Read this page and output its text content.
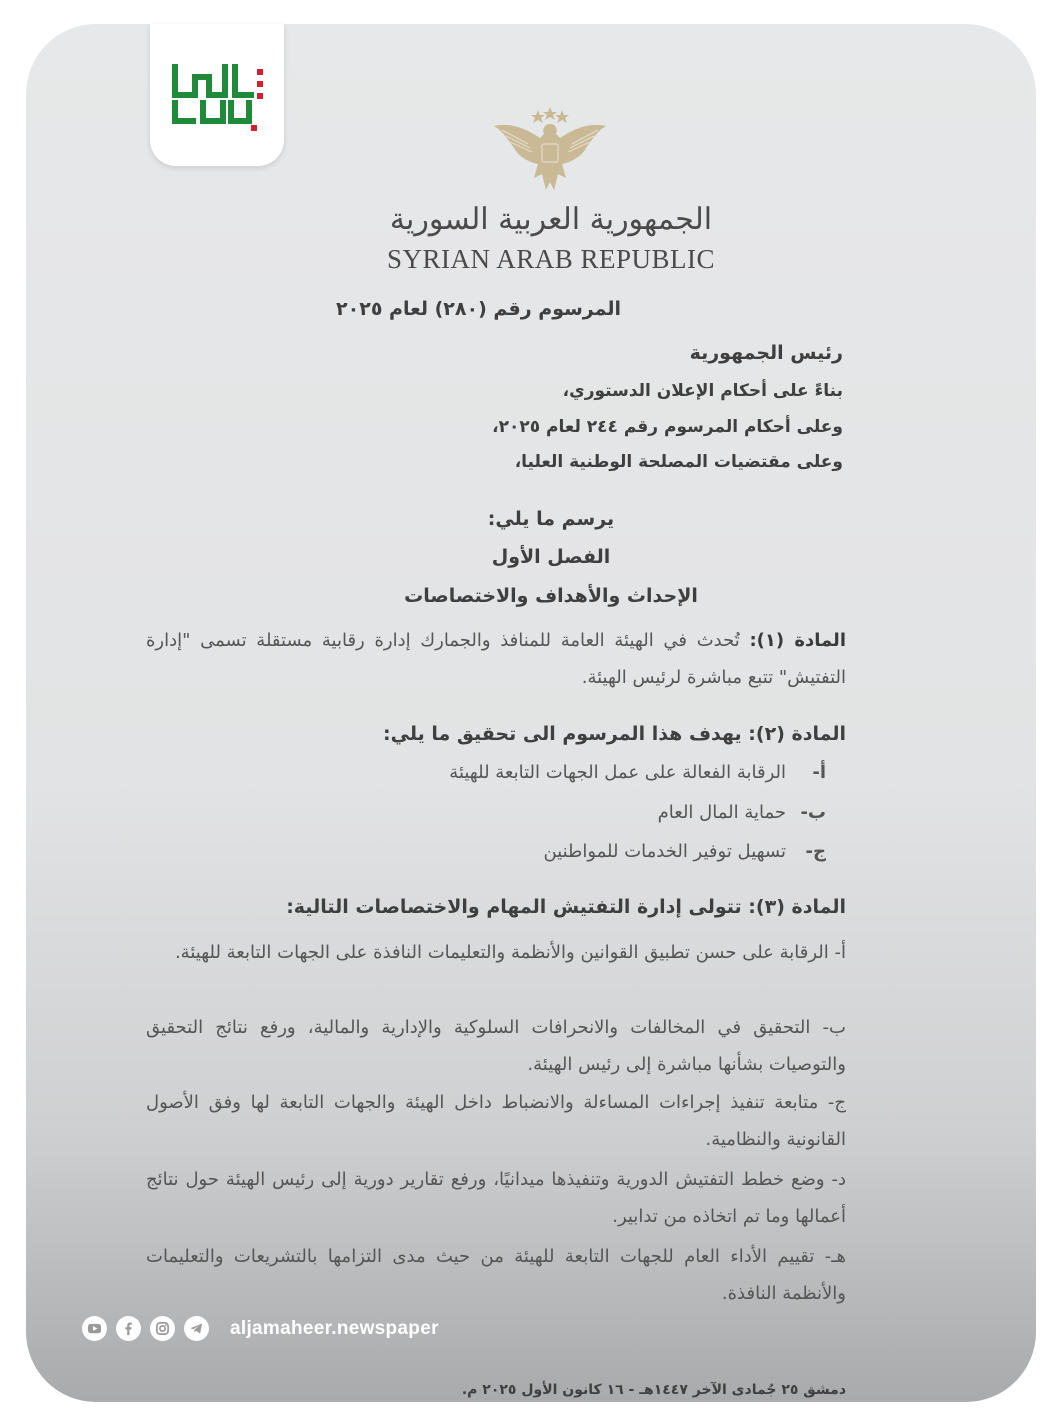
الجمهورية العربية السورية
SYRIAN ARAB REPUBLIC
المرسوم رقم (٢٨٠) لعام ٢٠٢٥
رئيس الجمهورية
بناءً على أحكام الإعلان الدستوري،
وعلى أحكام المرسوم رقم ٢٤٤ لعام ٢٠٢٥،
وعلى مقتضيات المصلحة الوطنية العليا،
يرسم ما يلي:
الفصل الأول
الإحداث والأهداف والاختصاصات
المادة (١): تُحدث في الهيئة العامة للمنافذ والجمارك إدارة رقابية مستقلة تسمى "إدارة التفتيش" تتبع مباشرة لرئيس الهيئة.
المادة (٢): يهدف هذا المرسوم الى تحقيق ما يلي:
أ-الرقابة الفعالة على عمل الجهات التابعة للهيئة
ب-حماية المال العام
ج-تسهيل توفير الخدمات للمواطنين
المادة (٣): تتولى إدارة التفتيش المهام والاختصاصات التالية:
أ- الرقابة على حسن تطبيق القوانين والأنظمة والتعليمات النافذة على الجهات التابعة للهيئة.
ب- التحقيق في المخالفات والانحرافات السلوكية والإدارية والمالية، ورفع نتائج التحقيق والتوصيات بشأنها مباشرة إلى رئيس الهيئة.
ج- متابعة تنفيذ إجراءات المساءلة والانضباط داخل الهيئة والجهات التابعة لها وفق الأصول القانونية والنظامية.
د- وضع خطط التفتيش الدورية وتنفيذها ميدانيًا، ورفع تقارير دورية إلى رئيس الهيئة حول نتائج أعمالها وما تم اتخاذه من تدابير.
هـ- تقييم الأداء العام للجهات التابعة للهيئة من حيث مدى التزامها بالتشريعات والتعليمات والأنظمة النافذة.
دمشق ٢٥ جُمادى الآخر ١٤٤٧هـ - ١٦ كانون الأول ٢٠٢٥ م.
الجماهير
aljamaheer.newspaper
